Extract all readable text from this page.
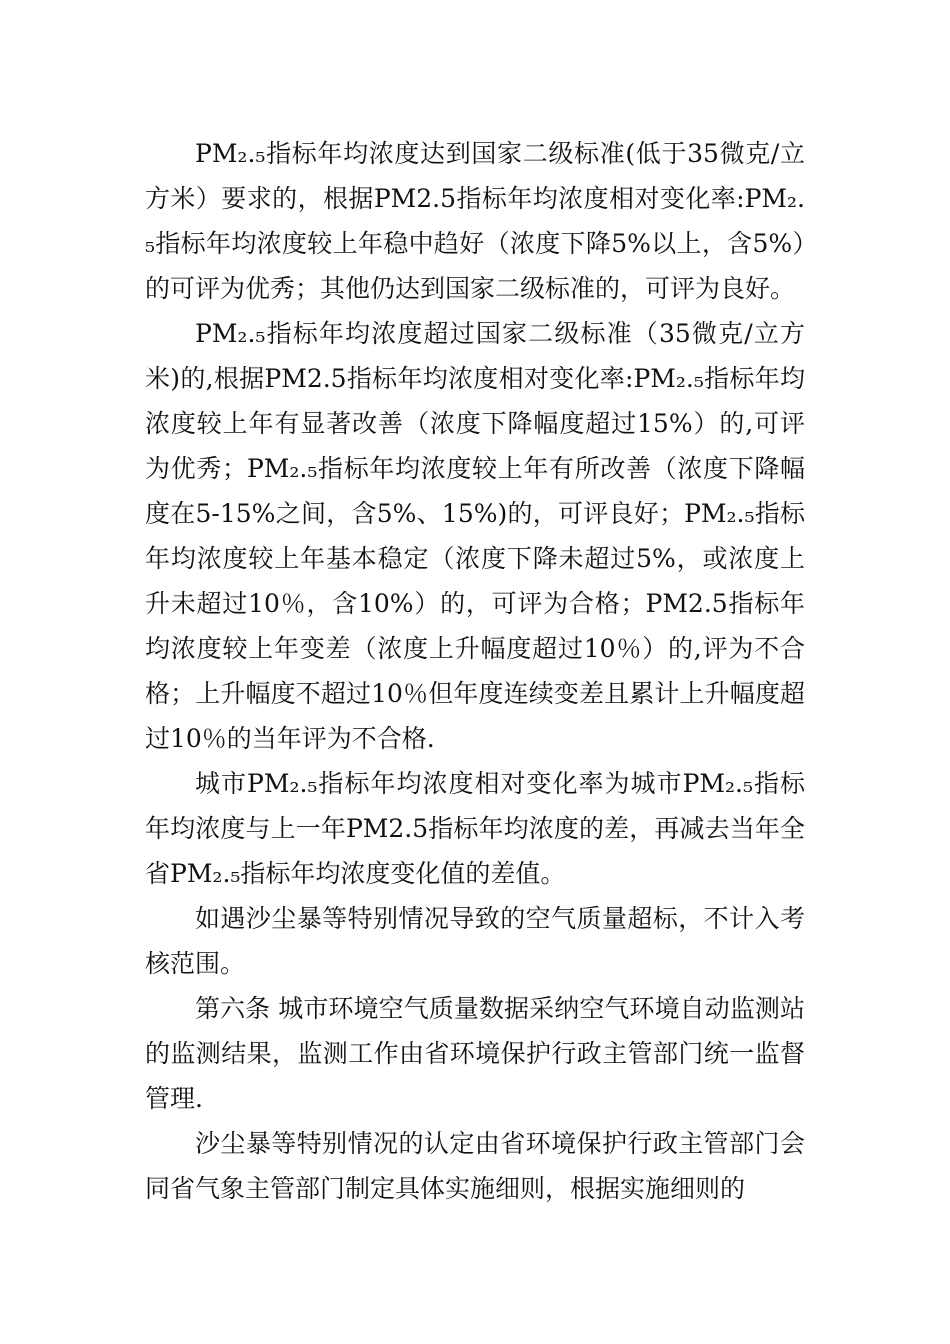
PM₂.₅指标年均浓度达到国家二级标准(低于35微克/立方米）要求的，根据PM2.5指标年均浓度相对变化率:PM₂.₅指标年均浓度较上年稳中趋好（浓度下降5%以上，含5%）的可评为优秀；其他仍达到国家二级标准的，可评为良好。

PM₂.₅指标年均浓度超过国家二级标准（35微克/立方米)的,根据PM2.5指标年均浓度相对变化率:PM₂.₅指标年均浓度较上年有显著改善（浓度下降幅度超过15%）的,可评为优秀；PM₂.₅指标年均浓度较上年有所改善（浓度下降幅度在5-15%之间，含5%、15%)的，可评良好；PM₂.₅指标年均浓度较上年基本稳定（浓度下降未超过5%，或浓度上升未超过10％，含10%）的，可评为合格；PM2.5指标年均浓度较上年变差（浓度上升幅度超过10％）的,评为不合格；上升幅度不超过10％但年度连续变差且累计上升幅度超过10％的当年评为不合格.

城市PM₂.₅指标年均浓度相对变化率为城市PM₂.₅指标年均浓度与上一年PM2.5指标年均浓度的差，再减去当年全省PM₂.₅指标年均浓度变化值的差值。

如遇沙尘暴等特别情况导致的空气质量超标，不计入考核范围。

第六条 城市环境空气质量数据采纳空气环境自动监测站的监测结果，监测工作由省环境保护行政主管部门统一监督管理.

沙尘暴等特别情况的认定由省环境保护行政主管部门会同省气象主管部门制定具体实施细则，根据实施细则的
